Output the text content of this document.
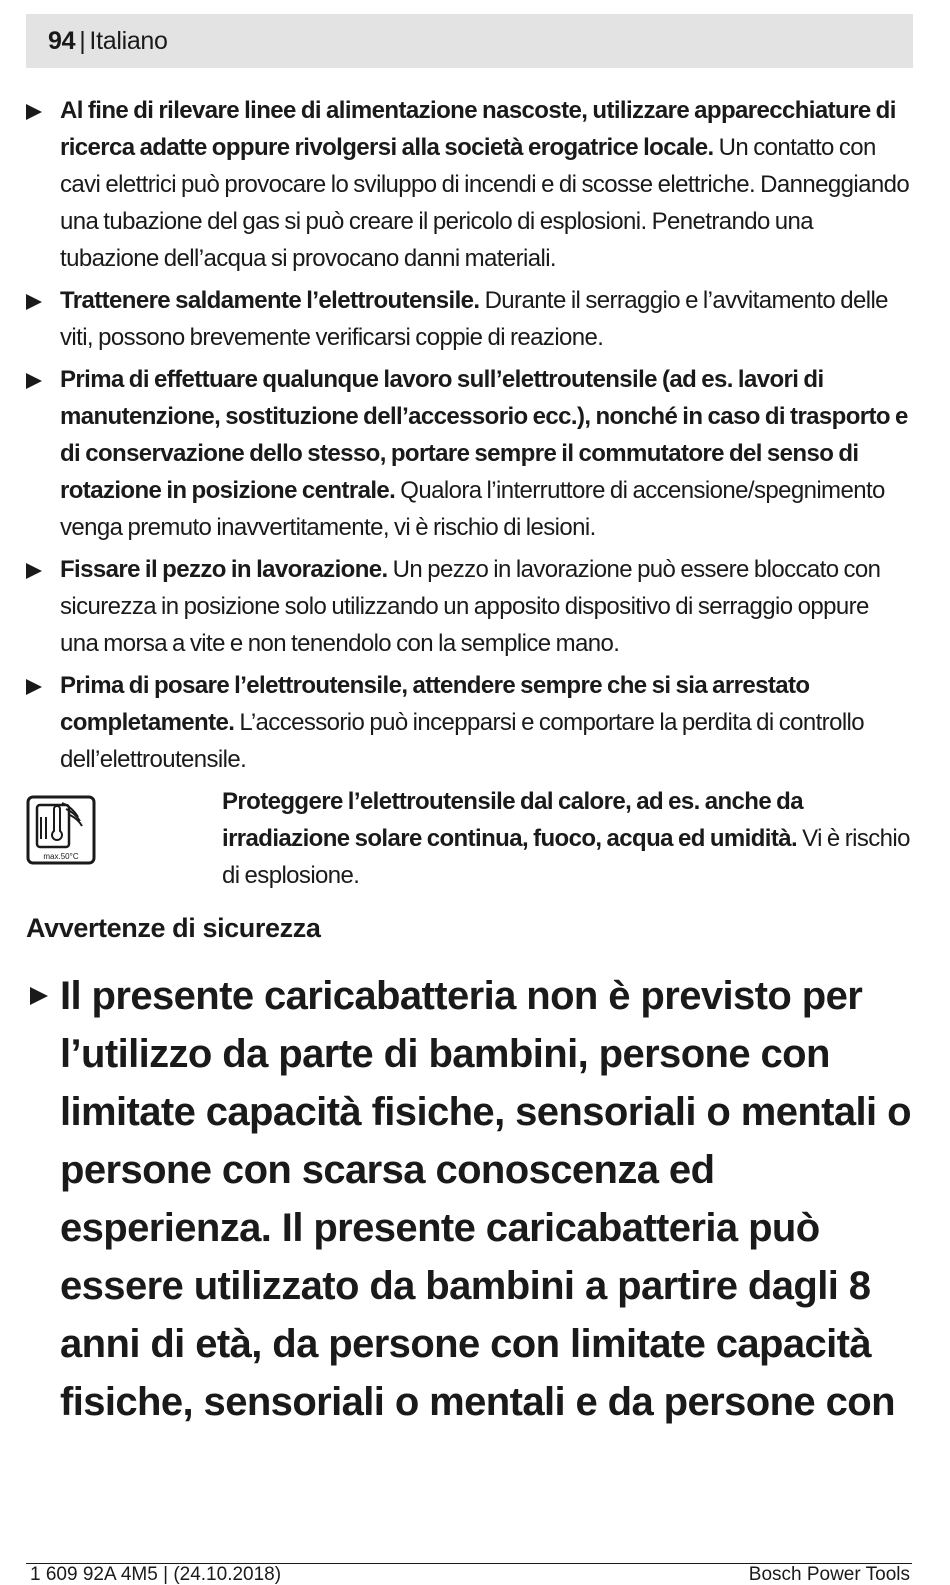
94 | Italiano
Al fine di rilevare linee di alimentazione nascoste, utilizzare apparecchiature di ricerca adatte oppure rivolgersi alla società erogatrice locale. Un contatto con cavi elettrici può provocare lo sviluppo di incendi e di scosse elettriche. Danneggiando una tubazione del gas si può creare il pericolo di esplosioni. Penetrando una tubazione dell’acqua si provocano danni materiali.
Trattenere saldamente l’elettroutensile. Durante il serraggio e l’avvitamento delle viti, possono brevemente verificarsi coppie di reazione.
Prima di effettuare qualunque lavoro sull’elettroutensile (ad es. lavori di manutenzione, sostituzione dell’accessorio ecc.), nonché in caso di trasporto e di conservazione dello stesso, portare sempre il commutatore del senso di rotazione in posizione centrale. Qualora l’interruttore di accensione/spegnimento venga premuto inavvertitamente, vi è rischio di lesioni.
Fissare il pezzo in lavorazione. Un pezzo in lavorazione può essere bloccato con sicurezza in posizione solo utilizzando un apposito dispositivo di serraggio oppure una morsa a vite e non tenendolo con la semplice mano.
Prima di posare l’elettroutensile, attendere sempre che si sia arrestato completamente. L’accessorio può incepparsi e comportare la perdita di controllo dell’elettroutensile.
max.50°C
Proteggere l’elettroutensile dal calore, ad es. anche da irradiazione solare continua, fuoco, acqua ed umidità. Vi è rischio di esplosione.
Avvertenze di sicurezza
Il presente caricabatteria non è previsto per l’utilizzo da parte di bambini, persone con limitate capacità fisiche, sensoriali o mentali o persone con scarsa conoscenza ed esperienza. Il presente caricabatteria può essere utilizzato da bambini a partire dagli 8 anni di età, da persone con limitate capacità fisiche, sensoriali o mentali e da persone con
1 609 92A 4M5 | (24.10.2018)	Bosch Power Tools
